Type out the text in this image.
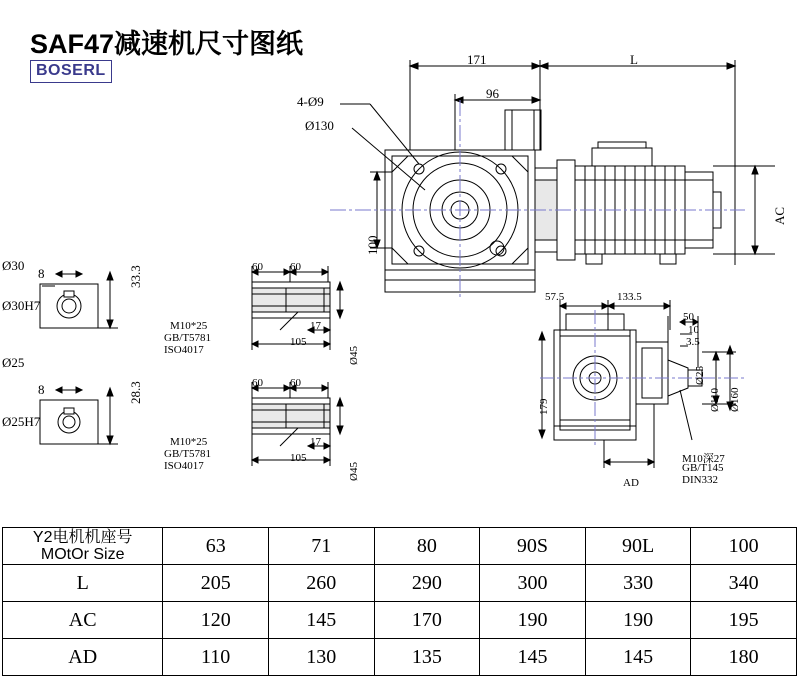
SAF47减速机尺寸图纸
BOSERL
171
96
L
4-Ø9
Ø130
100
AC
Ø30
Ø30H7
8	33.3
Ø25
Ø25H7
8	28.3
60 60
17
105
Ø45
M10*25
GB/T5781
ISO4017
60 60
17
105
Ø45
M10*25
GB/T5781
ISO4017
57.5	133.5
50
10
3.5
179
AD
Ø25
Ø110 Ø160
M10深27
GB/T145
DIN332
Y2电机机座号
MOtOr Size	63	71	80	90S	90L	100
L	205	260	290	300	330	340
AC	120	145	170	190	190	195
AD	110	130	135	145	145	180
